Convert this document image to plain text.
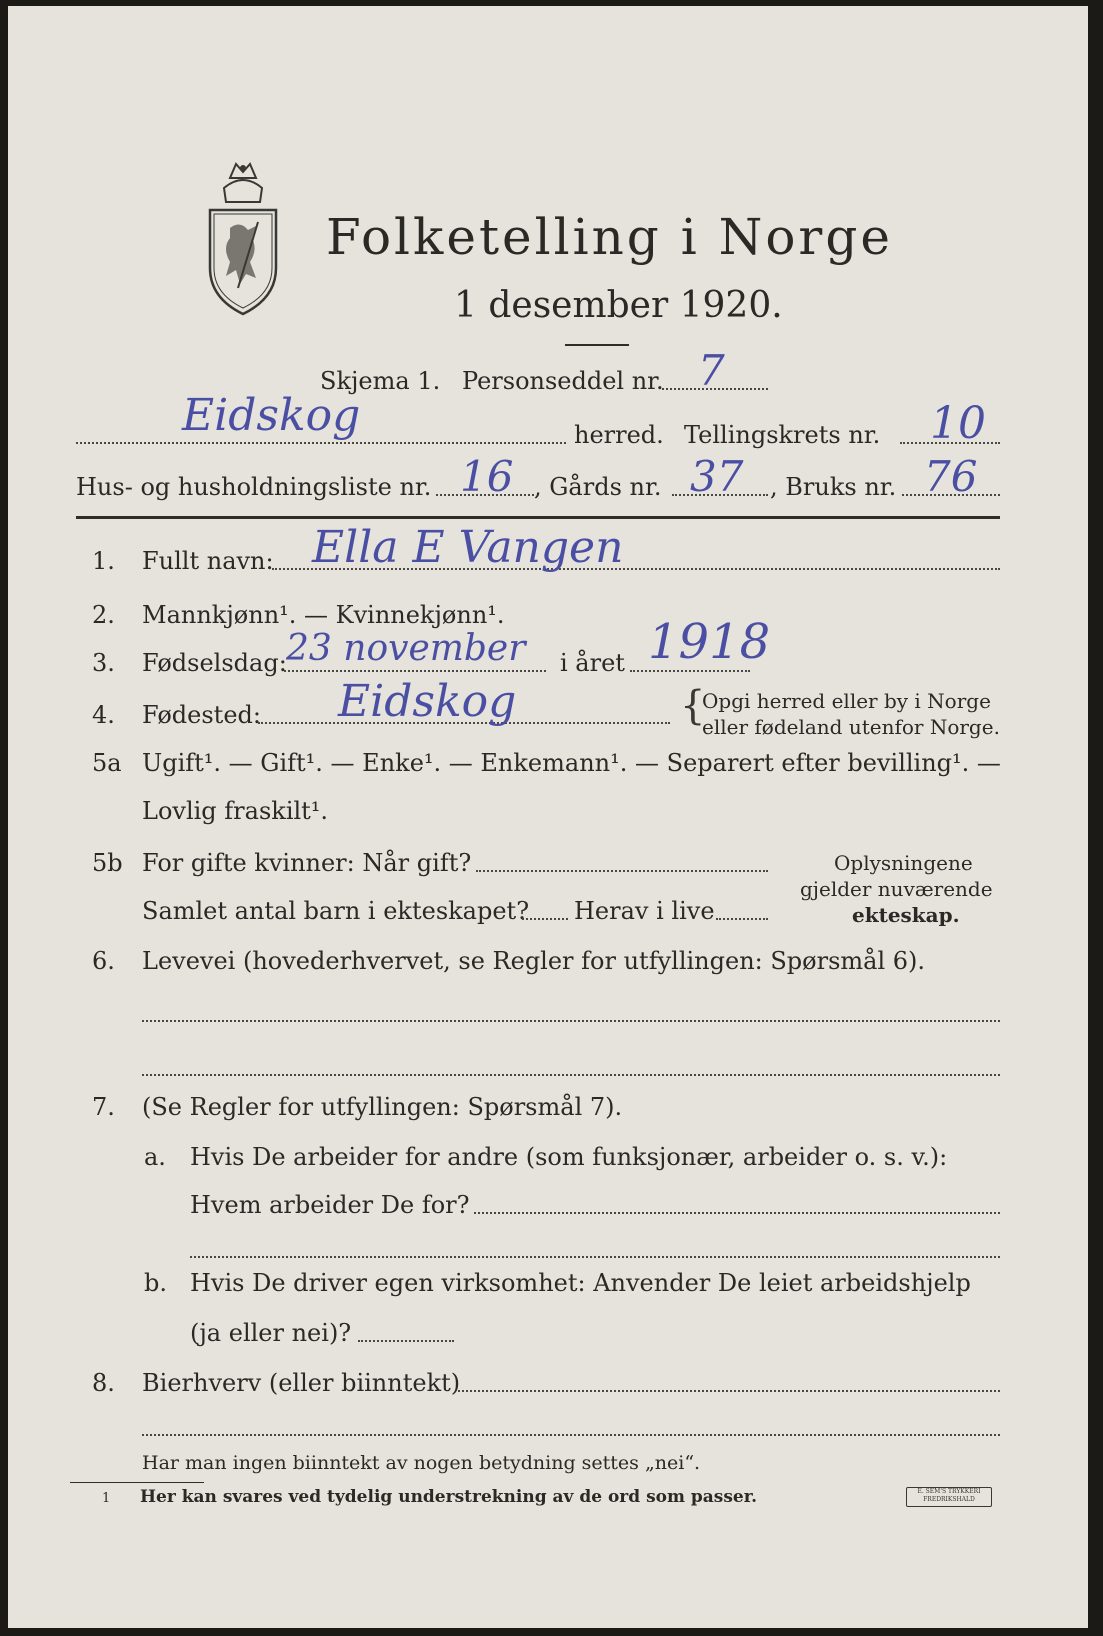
Folketelling i Norge
1 desember 1920.
Skjema 1. Personseddel nr. 7
Eidskog	herred. Tellingskrets nr. 10
Hus- og husholdningsliste nr. 16 , Gårds nr. 37 , Bruks nr. 76
1. Fullt navn: Ella E Vangen
2. Mannkjønn¹. — Kvinnekjønn¹.
3. Fødselsdag: 23 november i året 1918
4. Fødested: Eidskog	{
Opgi herred eller by i Norge
eller fødeland utenfor Norge.
5a Ugift¹. — Gift¹. — Enke¹. — Enkemann¹. — Separert efter bevilling¹. —
Lovlig fraskilt¹.
5b For gifte kvinner: Når gift?
Samlet antal barn i ekteskapet? Herav i live
Oplysningene
gjelder nuværende
ekteskap.
6. Levevei (hovederhvervet, se Regler for utfyllingen: Spørsmål 6).
7. (Se Regler for utfyllingen: Spørsmål 7).
a. Hvis De arbeider for andre (som funksjonær, arbeider o. s. v.):
Hvem arbeider De for?
b. Hvis De driver egen virksomhet: Anvender De leiet arbeidshjelp
(ja eller nei)?
8. Bierhverv (eller biinntekt)
Har man ingen biinntekt av nogen betydning settes „nei“.
1 Her kan svares ved tydelig understrekning av de ord som passer.	E. SEM'S TRYKKERI FREDRIKSHALD
